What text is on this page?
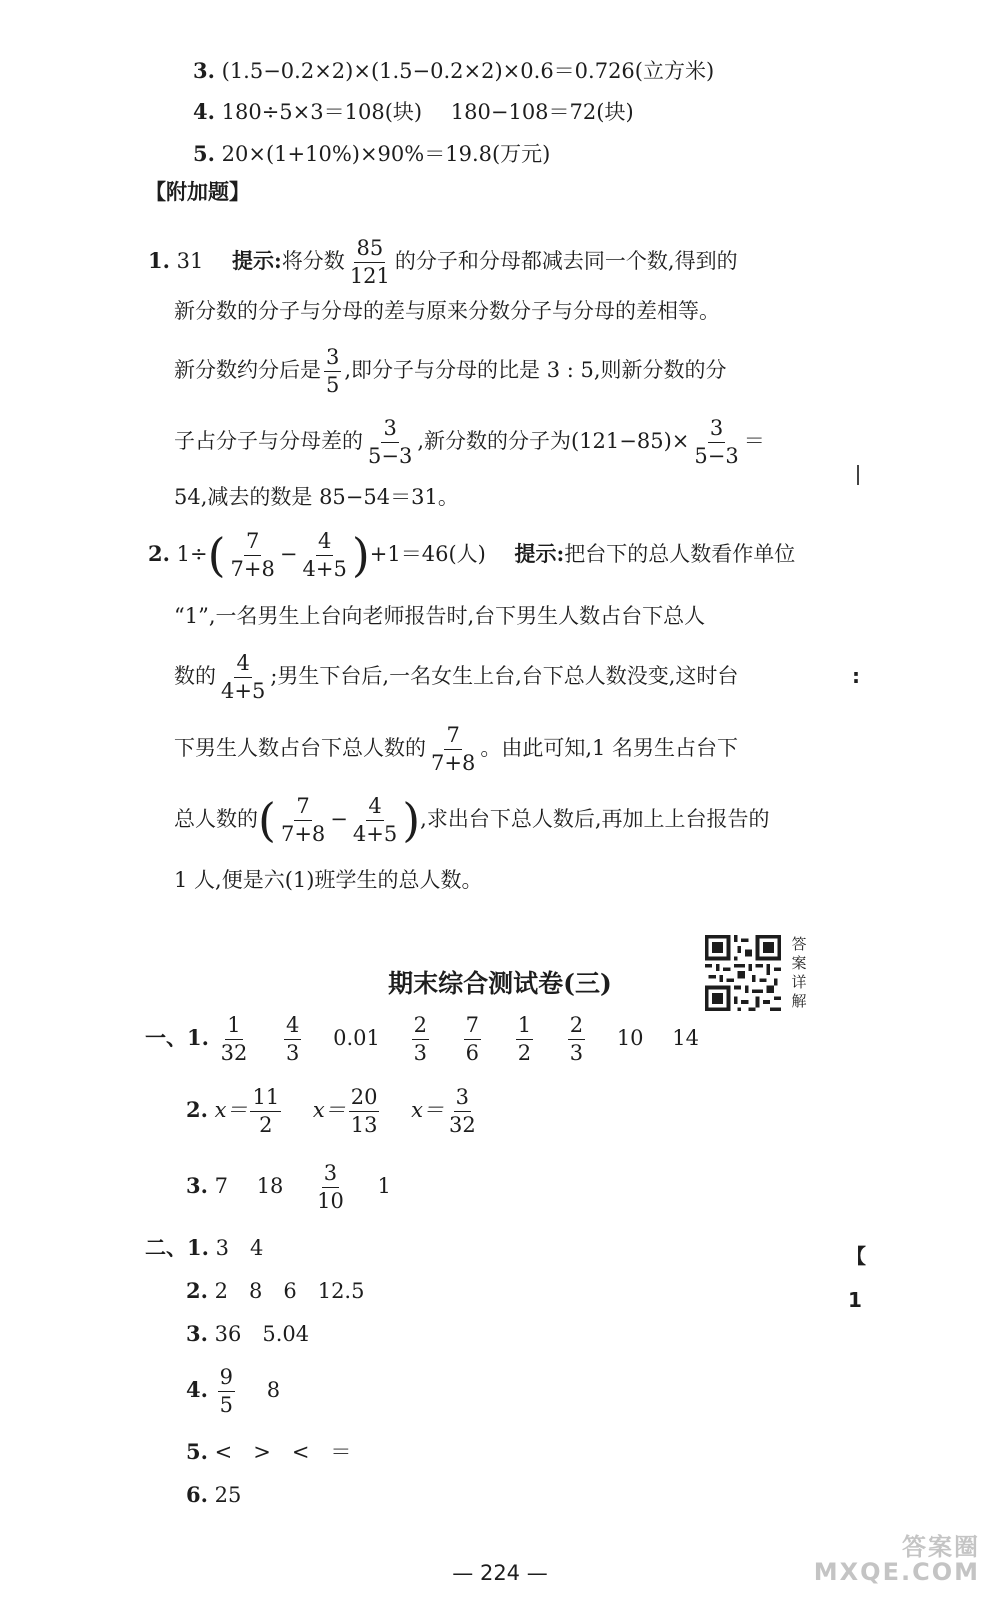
3. (1.5−0.2×2)×(1.5−0.2×2)×0.6＝0.726(立方米)
4. 180÷5×3＝108(块) 180−108＝72(块)
5. 20×(1+10%)×90%＝19.8(万元)
【附加题】
1. 31 提示:将分数 $\frac{85}{121}$ 的分子和分母都减去同一个数,得到的
新分数的分子与分母的差与原来分数分子与分母的差相等。
新分数约分后是 $\frac{3}{5}$ ,即分子与分母的比是 3 : 5,则新分数的分
子占分子与分母差的 $\frac{3}{5-3}$ ,新分数的分子为$(121-85)\times \frac{3}{5-3}$ ＝
54,减去的数是 85−54＝31。
2. $1\div( \frac{7}{7+8} - \frac{4}{4+5} )+1=46$(人) 提示:把台下的总人数看作单位
“1”,一名男生上台向老师报告时,台下男生人数占台下总人
数的 $\frac{4}{4+5}$ ;男生下台后,一名女生上台,台下总人数没变,这时台
下男生人数占台下总人数的 $\frac{7}{7+8}$ 。由此可知,1 名男生占台下
总人数的( $\frac{7}{7+8} - \frac{4}{4+5}$ ),求出台下总人数后,再加上上台报告的
1 人,便是六(1)班学生的总人数。
期末综合测试卷(三)
答
案
详
解
一、1. $\frac{1}{32}$
$\frac{4}{3} 0.01 \frac{2}{3}$
$\frac{7}{6}$
$\frac{1}{2}$
$\frac{2}{3} 10$ 14
2. $x= \frac{11}{2} x= \frac{20}{13} x= \frac{3}{32}$
3. 7 $18 \frac{3}{10} 1$
二、1. 3　4
2. 2　8　6　12.5
3. 36　5.04
4. $\frac{9}{5} 8$
5. <　>　<　＝
6. 25
— 224 —
【
1
:
答案圈
MXQE.COM
